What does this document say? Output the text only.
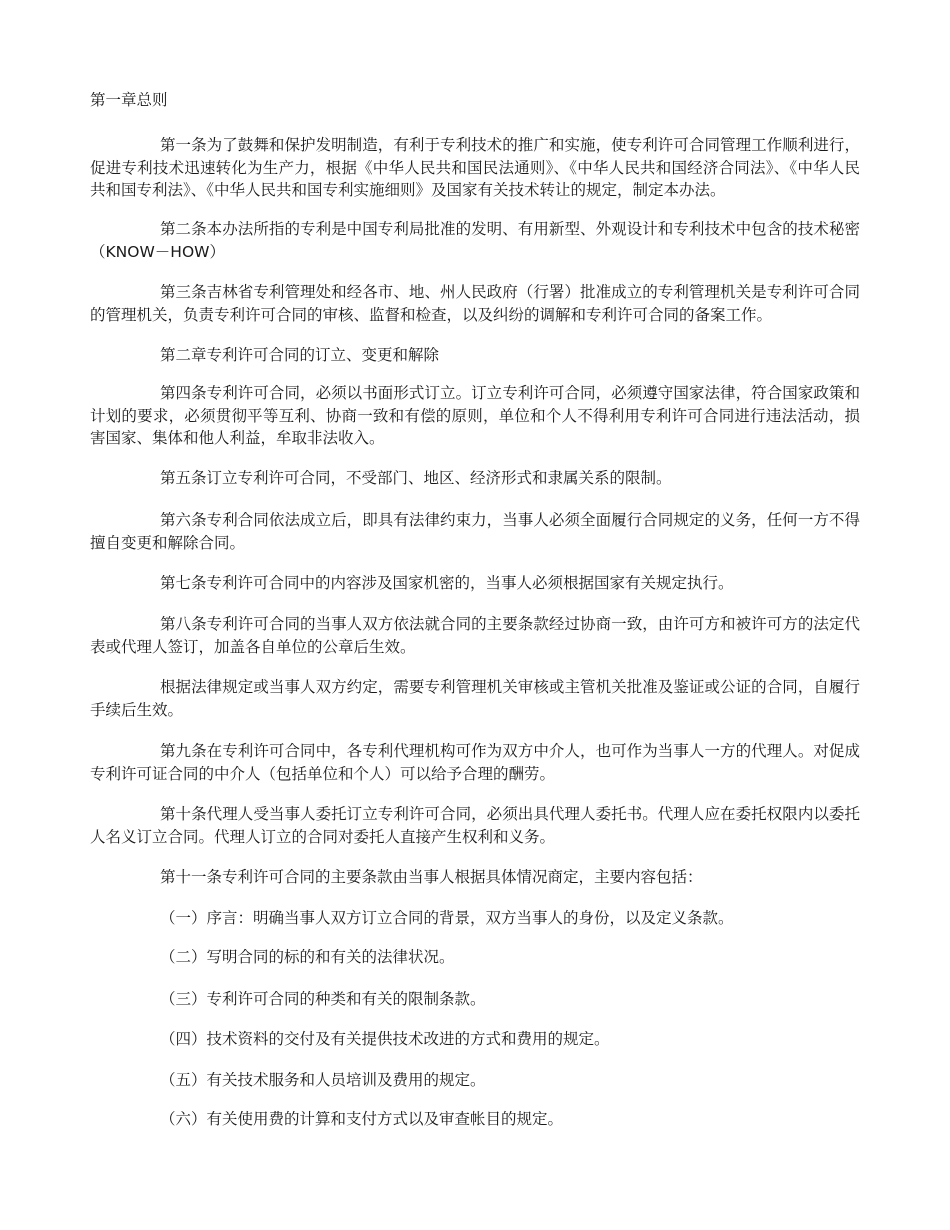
第一章总则
第一条为了鼓舞和保护发明制造，有利于专利技术的推广和实施，使专利许可合同管理工作顺利进行，促进专利技术迅速转化为生产力，根据《中华人民共和国民法通则》、《中华人民共和国经济合同法》、《中华人民共和国专利法》、《中华人民共和国专利实施细则》及国家有关技术转让的规定，制定本办法。
第二条本办法所指的专利是中国专利局批准的发明、有用新型、外观设计和专利技术中包含的技术秘密（KNOW－HOW）
第三条吉林省专利管理处和经各市、地、州人民政府（行署）批准成立的专利管理机关是专利许可合同的管理机关，负责专利许可合同的审核、监督和检查，以及纠纷的调解和专利许可合同的备案工作。
第二章专利许可合同的订立、变更和解除
第四条专利许可合同，必须以书面形式订立。订立专利许可合同，必须遵守国家法律，符合国家政策和计划的要求，必须贯彻平等互利、协商一致和有偿的原则，单位和个人不得利用专利许可合同进行违法活动，损害国家、集体和他人利益，牟取非法收入。
第五条订立专利许可合同，不受部门、地区、经济形式和隶属关系的限制。
第六条专利合同依法成立后，即具有法律约束力，当事人必须全面履行合同规定的义务，任何一方不得擅自变更和解除合同。
第七条专利许可合同中的内容涉及国家机密的，当事人必须根据国家有关规定执行。
第八条专利许可合同的当事人双方依法就合同的主要条款经过协商一致，由许可方和被许可方的法定代表或代理人签订，加盖各自单位的公章后生效。
根据法律规定或当事人双方约定，需要专利管理机关审核或主管机关批准及鉴证或公证的合同，自履行手续后生效。
第九条在专利许可合同中，各专利代理机构可作为双方中介人，也可作为当事人一方的代理人。对促成专利许可证合同的中介人（包括单位和个人）可以给予合理的酬劳。
第十条代理人受当事人委托订立专利许可合同，必须出具代理人委托书。代理人应在委托权限内以委托人名义订立合同。代理人订立的合同对委托人直接产生权利和义务。
第十一条专利许可合同的主要条款由当事人根据具体情况商定，主要内容包括：
（一）序言：明确当事人双方订立合同的背景，双方当事人的身份，以及定义条款。
（二）写明合同的标的和有关的法律状况。
（三）专利许可合同的种类和有关的限制条款。
（四）技术资料的交付及有关提供技术改进的方式和费用的规定。
（五）有关技术服务和人员培训及费用的规定。
（六）有关使用费的计算和支付方式以及审查帐目的规定。
